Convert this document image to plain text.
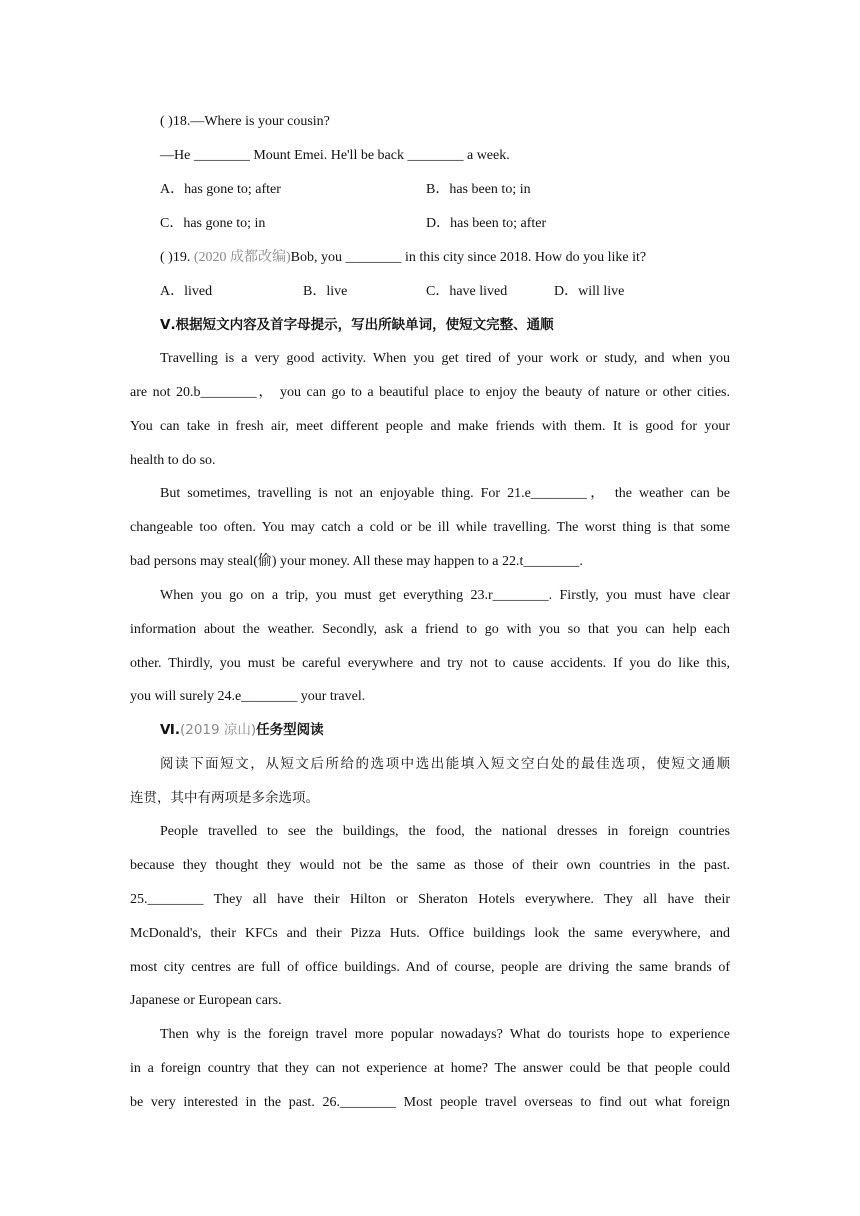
( )18.—Where is your cousin?
—He ________ Mount Emei. He'll be back ________ a week.
A．has gone to; after	B．has been to; in
C．has gone to; in	D．has been to; after
( )19. (2020 成都改编)Bob, you ________ in this city since 2018. How do you like it?
A．lived	B．live	C．have lived	D．will live
Ⅴ.根据短文内容及首字母提示，写出所缺单词，使短文完整、通顺
Travelling is a very good activity. When you get tired of your work or study, and when you
are not 20.b________， you can go to a beautiful place to enjoy the beauty of nature or other cities.
You can take in fresh air, meet different people and make friends with them. It is good for your
health to do so.
But sometimes, travelling is not an enjoyable thing. For 21.e________， the weather can be
changeable too often. You may catch a cold or be ill while travelling. The worst thing is that some
bad persons may steal(偷) your money. All these may happen to a 22.t________.
When you go on a trip, you must get everything 23.r________. Firstly, you must have clear
information about the weather. Secondly, ask a friend to go with you so that you can help each
other. Thirdly, you must be careful everywhere and try not to cause accidents. If you do like this,
you will surely 24.e________ your travel.
Ⅵ.(2019 凉山)任务型阅读
阅读下面短文，从短文后所给的选项中选出能填入短文空白处的最佳选项，使短文通顺
连贯，其中有两项是多余选项。
People travelled to see the buildings, the food, the national dresses in foreign countries
because they thought they would not be the same as those of their own countries in the past.
25.________ They all have their Hilton or Sheraton Hotels everywhere. They all have their
McDonald's, their KFCs and their Pizza Huts. Office buildings look the same everywhere, and
most city centres are full of office buildings. And of course, people are driving the same brands of
Japanese or European cars.
Then why is the foreign travel more popular nowadays? What do tourists hope to experience
in a foreign country that they can not experience at home? The answer could be that people could
be very interested in the past. 26.________ Most people travel overseas to find out what foreign
